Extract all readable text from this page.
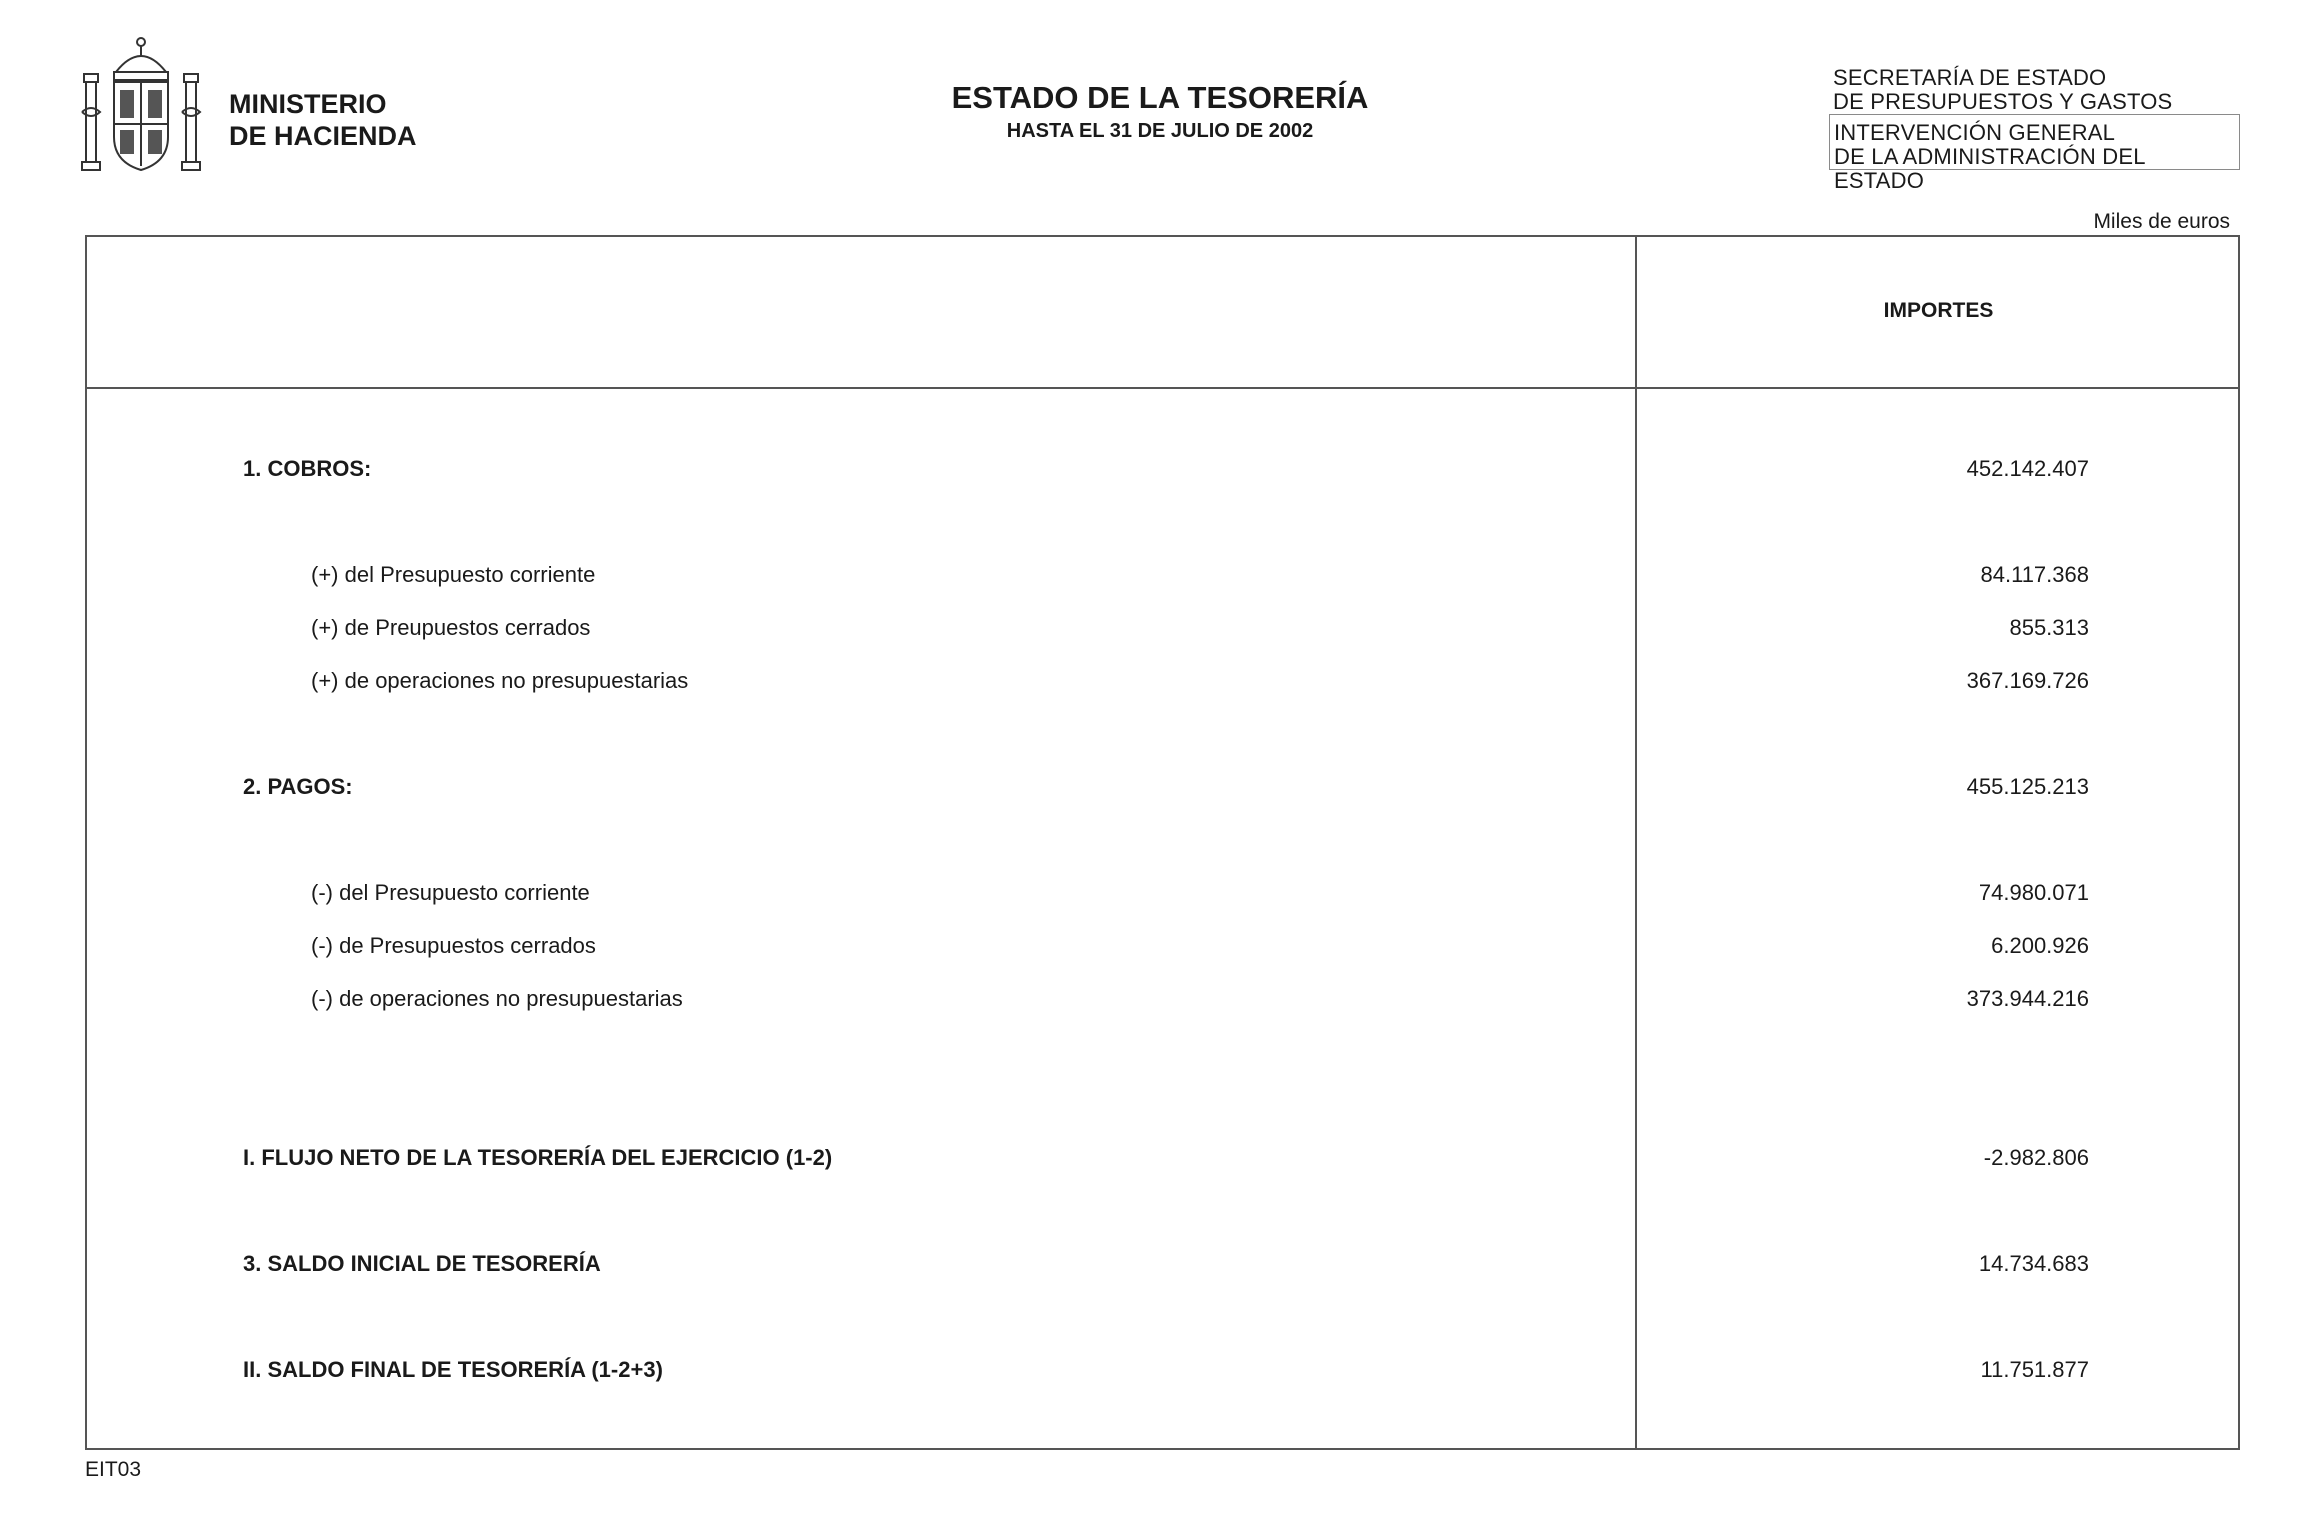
MINISTERIO
DE HACIENDA
ESTADO DE LA TESORERÍA
HASTA EL 31 DE JULIO DE 2002
SECRETARÍA DE ESTADO
DE PRESUPUESTOS Y GASTOS
INTERVENCIÓN GENERAL
DE LA ADMINISTRACIÓN DEL ESTADO
Miles de euros
IMPORTES
1. COBROS:	452.142.407
(+) del Presupuesto corriente	84.117.368
(+) de Preupuestos cerrados	855.313
(+) de operaciones no presupuestarias	367.169.726
2. PAGOS:	455.125.213
(-) del Presupuesto corriente	74.980.071
(-) de Presupuestos cerrados	6.200.926
(-) de operaciones no presupuestarias	373.944.216
I. FLUJO NETO DE LA TESORERÍA DEL EJERCICIO (1-2)	-2.982.806
3. SALDO INICIAL DE TESORERÍA	14.734.683
II. SALDO FINAL DE TESORERÍA (1-2+3)	11.751.877
EIT03
